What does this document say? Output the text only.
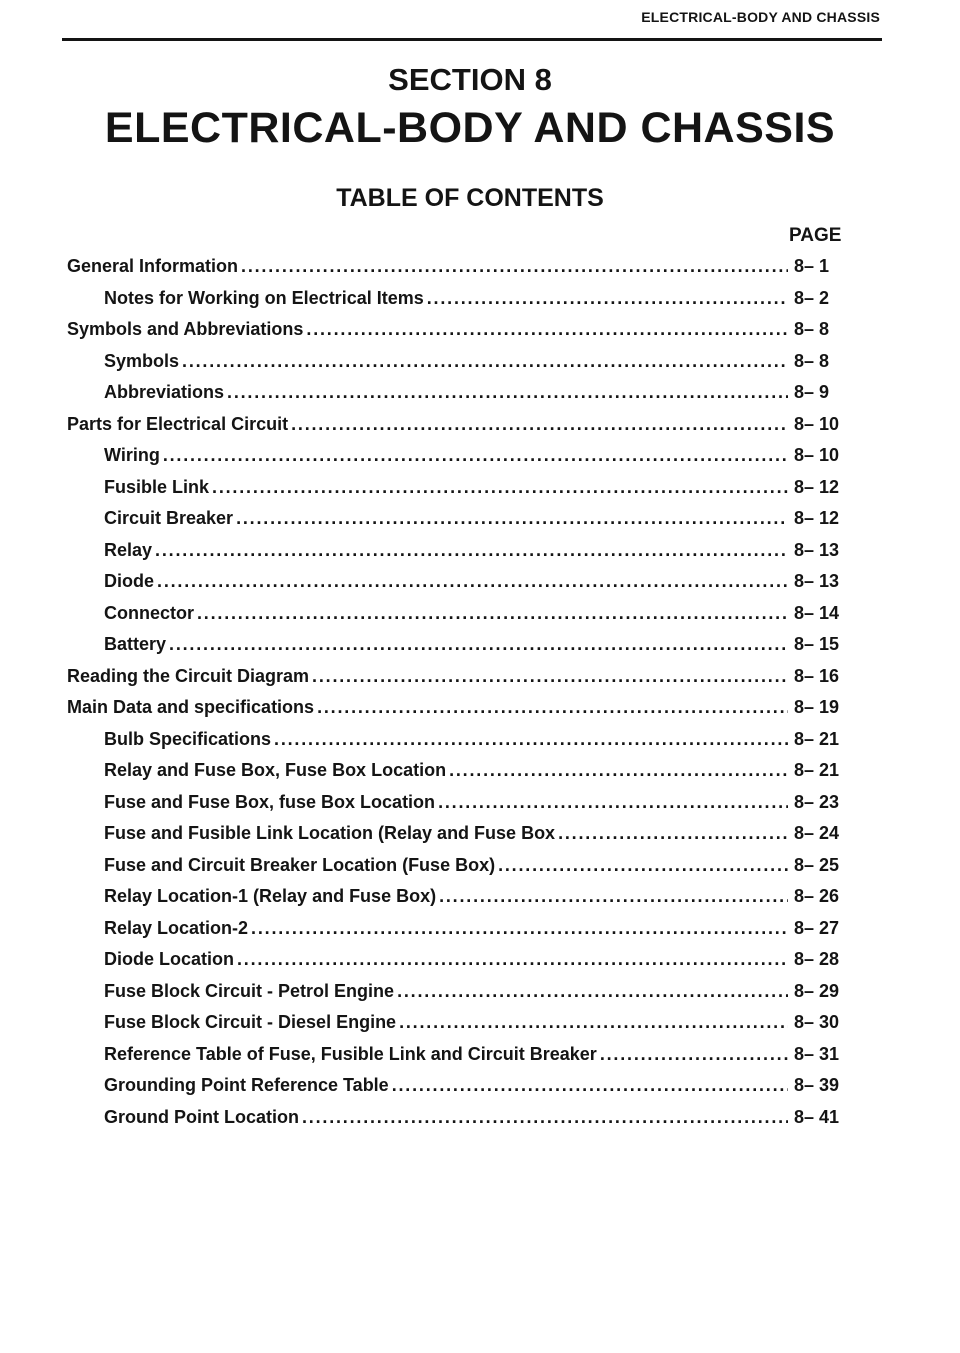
ELECTRICAL-BODY AND CHASSIS
SECTION 8
ELECTRICAL-BODY AND CHASSIS
TABLE OF CONTENTS
PAGE
General Information . . .	8– 1
Notes for Working on Electrical Items . . .	8– 2
Symbols and Abbreviations . . .	8– 8
Symbols . . .	8– 8
Abbreviations . . .	8– 9
Parts for Electrical Circuit . . .	8– 10
Wiring . . .	8– 10
Fusible Link . . .	8– 12
Circuit Breaker . . .	8– 12
Relay . . .	8– 13
Diode . . .	8– 13
Connector . . .	8– 14
Battery . . .	8– 15
Reading the Circuit Diagram . . .	8– 16
Main Data and specifications . . .	8– 19
Bulb Specifications . . .	8– 21
Relay and Fuse Box, Fuse Box Location . . .	8– 21
Fuse and Fuse Box, fuse Box Location . . .	8– 23
Fuse and Fusible Link Location (Relay and Fuse Box . . .	8– 24
Fuse and Circuit Breaker Location (Fuse Box) . . .	8– 25
Relay Location-1 (Relay and Fuse Box) . . .	8– 26
Relay Location-2 . . .	8– 27
Diode Location . . .	8– 28
Fuse Block Circuit - Petrol Engine . . .	8– 29
Fuse Block Circuit - Diesel Engine . . .	8– 30
Reference Table of Fuse, Fusible Link and Circuit Breaker . . .	8– 31
Grounding Point Reference Table . . .	8– 39
Ground Point Location . . .	8– 41
